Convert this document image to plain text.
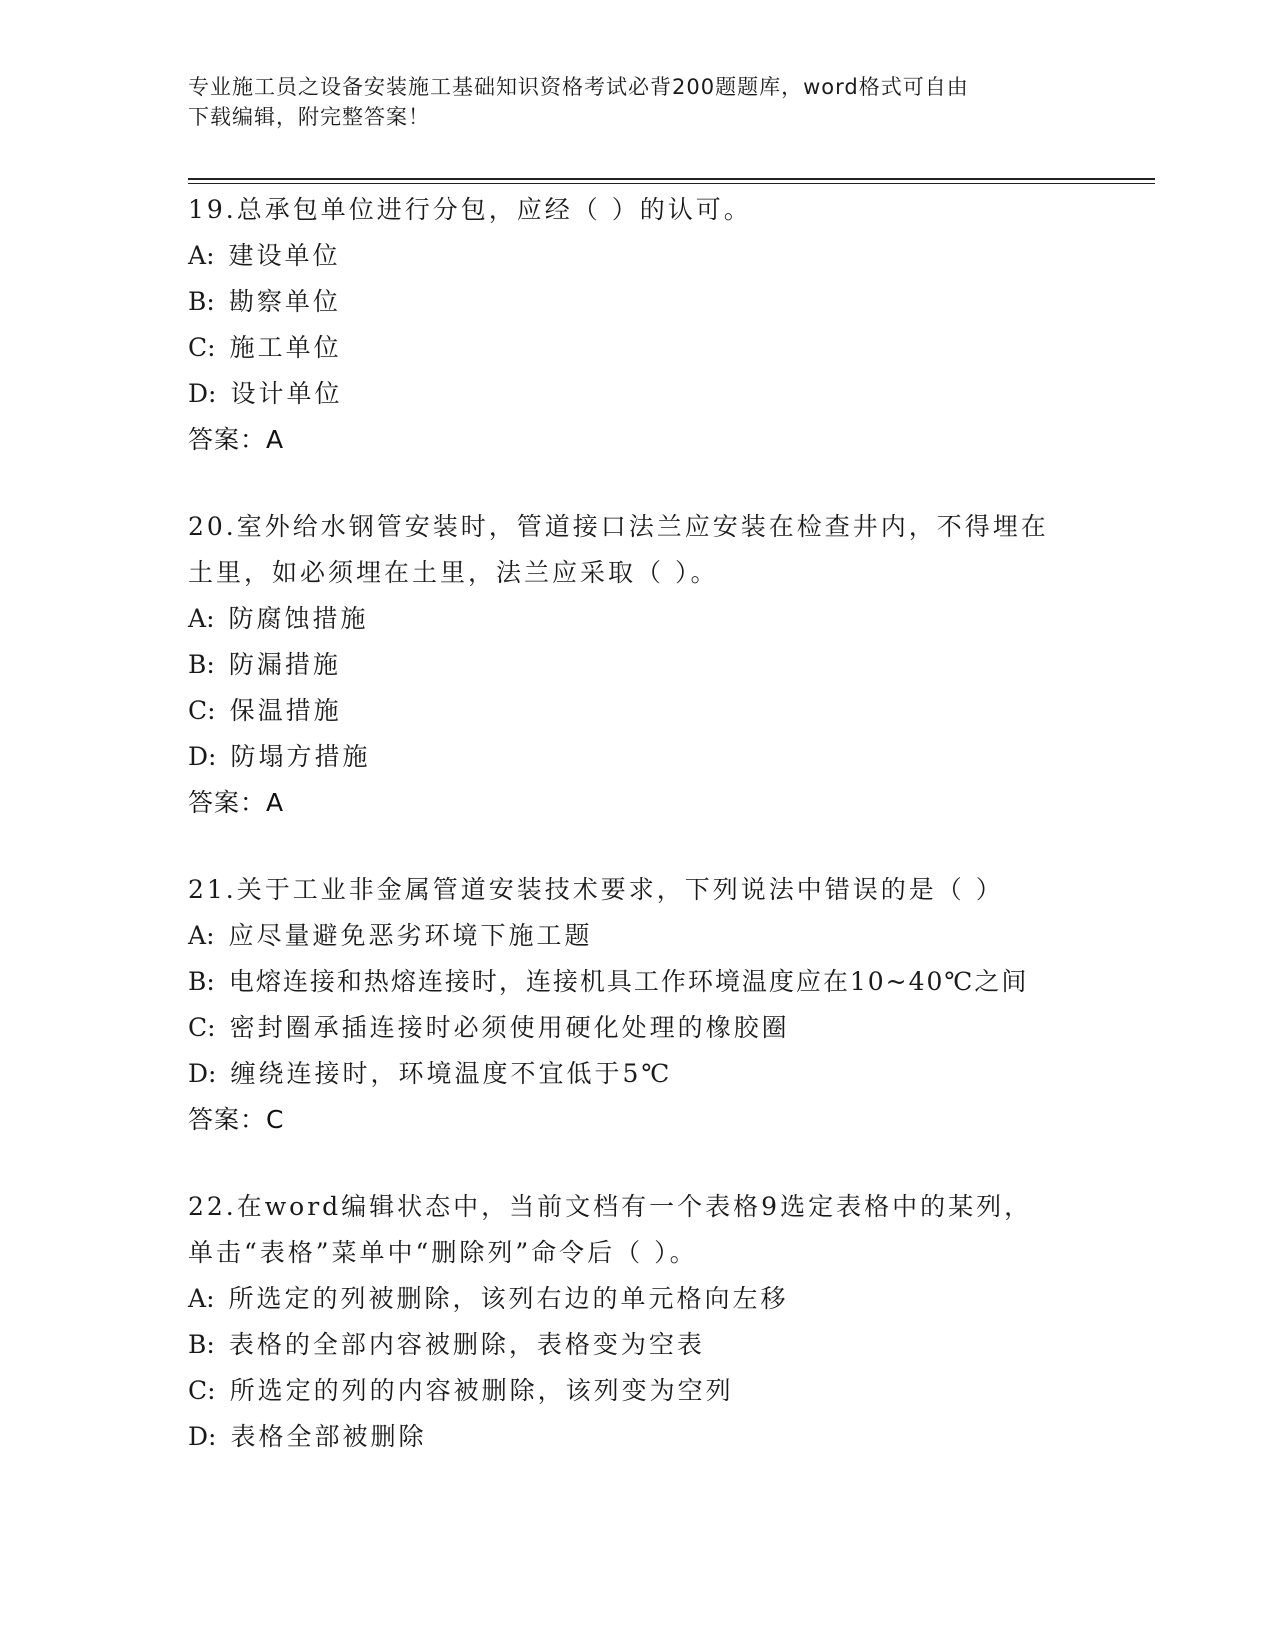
专业施工员之设备安装施工基础知识资格考试必背200题题库，word格式可自由
下载编辑，附完整答案！
19.总承包单位进行分包，应经（ ）的认可。
A: 建设单位
B: 勘察单位
C: 施工单位
D: 设计单位
答案：A
20.室外给水钢管安装时，管道接口法兰应安装在检查井内，不得埋在
土里，如必须埋在土里，法兰应采取（ ）。
A: 防腐蚀措施
B: 防漏措施
C: 保温措施
D: 防塌方措施
答案：A
21.关于工业非金属管道安装技术要求，下列说法中错误的是（ ）
A: 应尽量避免恶劣环境下施工题
B: 电熔连接和热熔连接时，连接机具工作环境温度应在10~40℃之间
C: 密封圈承插连接时必须使用硬化处理的橡胶圈
D: 缠绕连接时，环境温度不宜低于5℃
答案：C
22.在word编辑状态中，当前文档有一个表格9选定表格中的某列，
单击“表格”菜单中“删除列”命令后（ ）。
A: 所选定的列被删除，该列右边的单元格向左移
B: 表格的全部内容被删除，表格变为空表
C: 所选定的列的内容被删除，该列变为空列
D: 表格全部被删除
